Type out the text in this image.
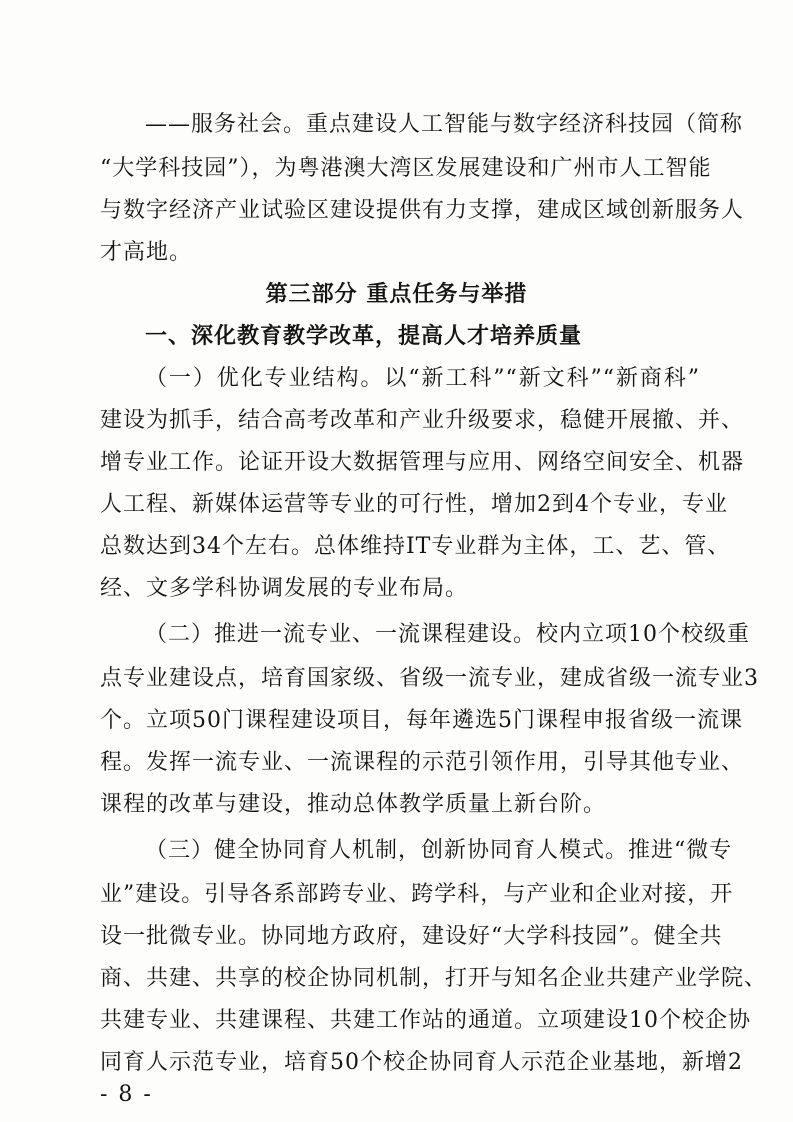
——服务社会。重点建设人工智能与数字经济科技园（简称
“大学科技园”），为粤港澳大湾区发展建设和广州市人工智能
与数字经济产业试验区建设提供有力支撑，建成区域创新服务人
才高地。
第三部分 重点任务与举措
一、深化教育教学改革，提高人才培养质量
（一）优化专业结构。以“新工科”“新文科”“新商科”
建设为抓手，结合高考改革和产业升级要求，稳健开展撤、并、
增专业工作。论证开设大数据管理与应用、网络空间安全、机器
人工程、新媒体运营等专业的可行性，增加2到4个专业，专业
总数达到34个左右。总体维持IT专业群为主体，工、艺、管、
经、文多学科协调发展的专业布局。
（二）推进一流专业、一流课程建设。校内立项10个校级重
点专业建设点，培育国家级、省级一流专业，建成省级一流专业3
个。立项50门课程建设项目，每年遴选5门课程申报省级一流课
程。发挥一流专业、一流课程的示范引领作用，引导其他专业、
课程的改革与建设，推动总体教学质量上新台阶。
（三）健全协同育人机制，创新协同育人模式。推进“微专
业”建设。引导各系部跨专业、跨学科，与产业和企业对接，开
设一批微专业。协同地方政府，建设好“大学科技园”。健全共
商、共建、共享的校企协同机制，打开与知名企业共建产业学院、
共建专业、共建课程、共建工作站的通道。立项建设10个校企协
同育人示范专业，培育50个校企协同育人示范企业基地，新增2
- 8 -
